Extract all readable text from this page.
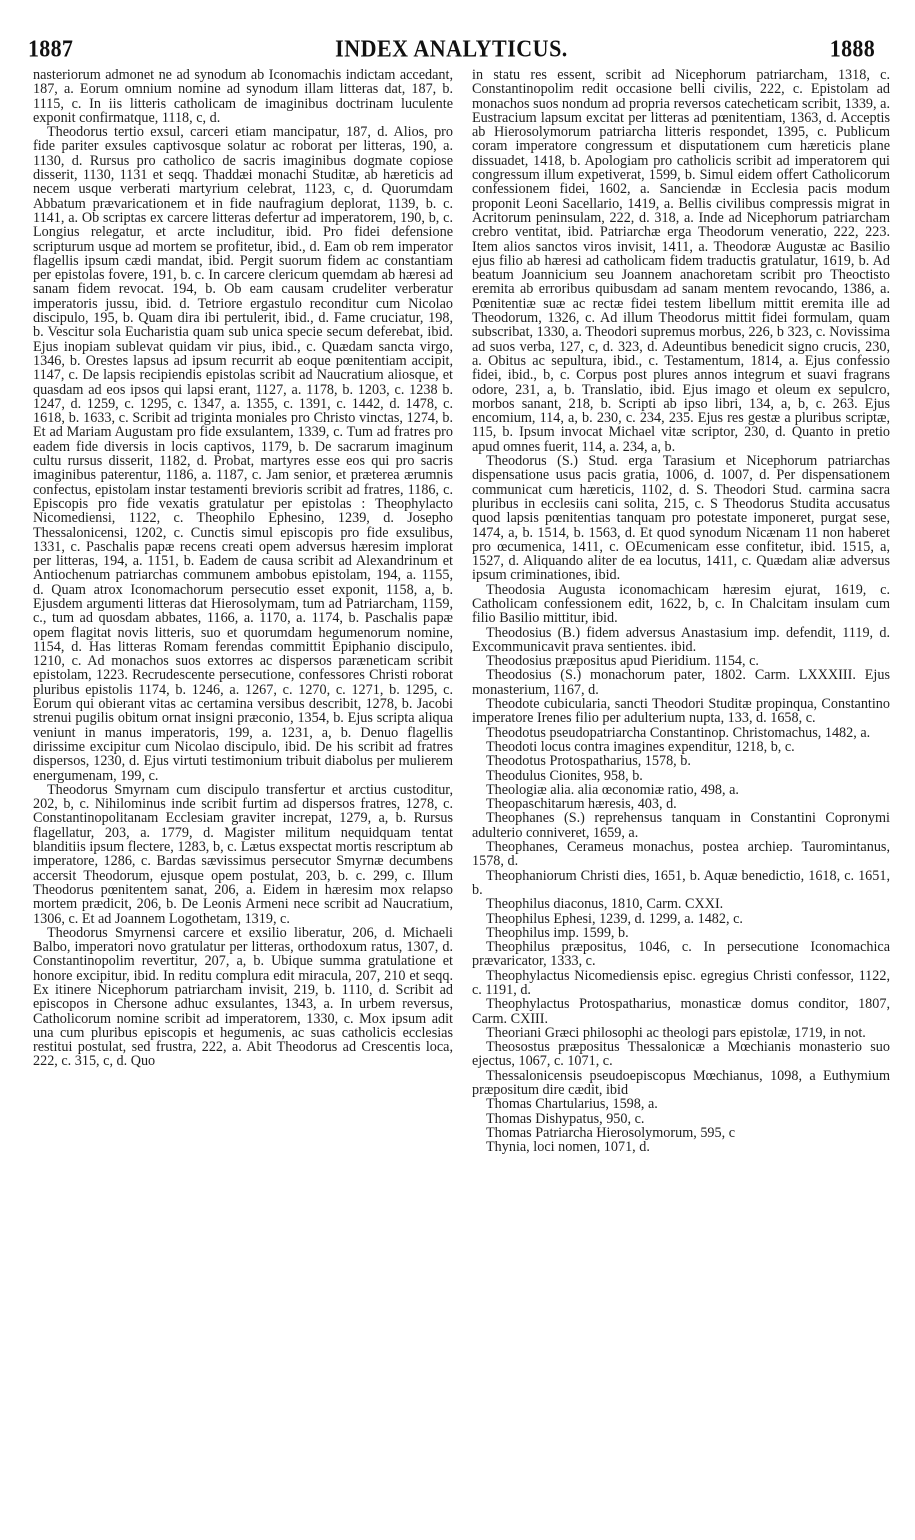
INDEX ANALYTICUS.
1887	1888

nasteriorum admonet ne ad synodum ab Iconomachis indictam accedant, 187, a. Eorum omnium nomine ad synodum illam litteras dat, 187, b. 1115, c. In iis litteris catholicam de imaginibus doctrinam luculente exponit confirmatque, 1118, c, d.

Theodorus tertio exsul, carceri etiam mancipatur, 187, d. Alios, pro fide pariter exsules captivosque solatur ac roborat per litteras, 190, a. 1130, d. Rursus pro catholico de sacris imaginibus dogmate copiose disserit, 1130, 1131 et seqq. Thaddæi monachi Studitæ, ab hæreticis ad necem usque verberati martyrium celebrat, 1123, c, d. Quorumdam Abbatum prævaricationem et in fide naufragium deplorat, 1139, b. c. 1141, a. Ob scriptas ex carcere litteras defertur ad imperatorem, 190, b, c. Longius relegatur, et arcte includitur, ibid. Pro fidei defensione scripturum usque ad mortem se profitetur, ibid., d. Eam ob rem imperator flagellis ipsum cædi mandat, ibid. Pergit suorum fidem ac constantiam per epistolas fovere, 191, b. c. In carcere clericum quemdam ab hæresi ad sanam fidem revocat. 194, b. Ob eam causam crudeliter verberatur imperatoris jussu, ibid. d. Tetriore ergastulo reconditur cum Nicolao discipulo, 195, b. Quam dira ibi pertulerit, ibid., d. Fame cruciatur, 198, b. Vescitur sola Eucharistia quam sub unica specie secum deferebat, ibid. Ejus inopiam sublevat quidam vir pius, ibid., c. Quædam sancta virgo, 1346, b. Orestes lapsus ad ipsum recurrit ab eoque pœnitentiam accipit, 1147, c. De lapsis recipiendis epistolas scribit ad Naucratium aliosque, et quasdam ad eos ipsos qui lapsi erant, 1127, a. 1178, b. 1203, c. 1238 b. 1247, d. 1259, c. 1295, c. 1347, a. 1355, c. 1391, c. 1442, d. 1478, c. 1618, b. 1633, c. Scribit ad triginta moniales pro Christo vinctas, 1274, b. Et ad Mariam Augustam pro fide exsulantem, 1339, c. Tum ad fratres pro eadem fide diversis in locis captivos, 1179, b. De sacrarum imaginum cultu rursus disserit, 1182, d. Probat, martyres esse eos qui pro sacris imaginibus paterentur, 1186, a. 1187, c. Jam senior, et præterea ærumnis confectus, epistolam instar testamenti brevioris scribit ad fratres, 1186, c. Episcopis pro fide vexatis gratulatur per epistolas : Theophylacto Nicomediensi, 1122, c. Theophilo Ephesino, 1239, d. Josepho Thessalonicensi, 1202, c. Cunctis simul episcopis pro fide exsulibus, 1331, c. Paschalis papæ recens creati opem adversus hæresim implorat per litteras, 194, a. 1151, b. Eadem de causa scribit ad Alexandrinum et Antiochenum patriarchas communem ambobus epistolam, 194, a. 1155, d. Quam atrox Iconomachorum persecutio esset exponit, 1158, a, b. Ejusdem argumenti litteras dat Hierosolymam, tum ad Patriarcham, 1159, c., tum ad quosdam abbates, 1166, a. 1170, a. 1174, b. Paschalis papæ opem flagitat novis litteris, suo et quorumdam hegumenorum nomine, 1154, d. Has litteras Romam ferendas committit Epiphanio discipulo, 1210, c. Ad monachos suos extorres ac dispersos paræneticam scribit epistolam, 1223. Recrudescente persecutione, confessores Christi roborat pluribus epistolis 1174, b. 1246, a. 1267, c. 1270, c. 1271, b. 1295, c. Eorum qui obierant vitas ac certamina versibus describit, 1278, b. Jacobi strenui pugilis obitum ornat insigni præconio, 1354, b. Ejus scripta aliqua veniunt in manus imperatoris, 199, a. 1231, a, b. Denuo flagellis dirissime excipitur cum Nicolao discipulo, ibid. De his scribit ad fratres dispersos, 1230, d. Ejus virtuti testimonium tribuit diabolus per mulierem energumenam, 199, c.

Theodorus Smyrnam cum discipulo transfertur et arctius custoditur, 202, b, c. Nihilominus inde scribit furtim ad dispersos fratres, 1278, c. Constantinopolitanam Ecclesiam graviter increpat, 1279, a, b. Rursus flagellatur, 203, a. 1779, d. Magister militum nequidquam tentat blanditiis ipsum flectere, 1283, b, c. Lætus exspectat mortis rescriptum ab imperatore, 1286, c. Bardas sævissimus persecutor Smyrnæ decumbens accersit Theodorum, ejusque opem postulat, 203, b. c. 299, c. Illum Theodorus pœnitentem sanat, 206, a. Eidem in hæresim mox relapso mortem prædicit, 206, b. De Leonis Armeni nece scribit ad Naucratium, 1306, c. Et ad Joannem Logothetam, 1319, c.

Theodorus Smyrnensi carcere et exsilio liberatur, 206, d. Michaeli Balbo, imperatori novo gratulatur per litteras, orthodoxum ratus, 1307, d. Constantinopolim revertitur, 207, a, b. Ubique summa gratulatione et honore excipitur, ibid. In reditu complura edit miracula, 207, 210 et seqq. Ex itinere Nicephorum patriarcham invisit, 219, b. 1110, d. Scribit ad episcopos in Chersone adhuc exsulantes, 1343, a. In urbem reversus, Catholicorum nomine scribit ad imperatorem, 1330, c. Mox ipsum adit una cum pluribus episcopis et hegumenis, ac suas catholicis ecclesias restitui postulat, sed frustra, 222, a. Abit Theodorus ad Crescentis loca, 222, c. 315, c, d. Quo

in statu res essent, scribit ad Nicephorum patriarcham, 1318, c. Constantinopolim redit occasione belli civilis, 222, c. Epistolam ad monachos suos nondum ad propria reversos catecheticam scribit, 1339, a. Eustracium lapsum excitat per litteras ad pœnitentiam, 1363, d. Acceptis ab Hierosolymorum patriarcha litteris respondet, 1395, c. Publicum coram imperatore congressum et disputationem cum hæreticis plane dissuadet, 1418, b. Apologiam pro catholicis scribit ad imperatorem qui congressum illum expetiverat, 1599, b. Simul eidem offert Catholicorum confessionem fidei, 1602, a. Sanciendæ in Ecclesia pacis modum proponit Leoni Sacellario, 1419, a. Bellis civilibus compressis migrat in Acritorum peninsulam, 222, d. 318, a. Inde ad Nicephorum patriarcham crebro ventitat, ibid. Patriarchæ erga Theodorum veneratio, 222, 223. Item alios sanctos viros invisit, 1411, a. Theodoræ Augustæ ac Basilio ejus filio ab hæresi ad catholicam fidem traductis gratulatur, 1619, b. Ad beatum Joannicium seu Joannem anachoretam scribit pro Theoctisto eremita ab erroribus quibusdam ad sanam mentem revocando, 1386, a. Pœnitentiæ suæ ac rectæ fidei testem libellum mittit eremita ille ad Theodorum, 1326, c. Ad illum Theodorus mittit fidei formulam, quam subscribat, 1330, a. Theodori supremus morbus, 226, b 323, c. Novissima ad suos verba, 127, c, d. 323, d. Adeuntibus benedicit signo crucis, 230, a. Obitus ac sepultura, ibid., c. Testamentum, 1814, a. Ejus confessio fidei, ibid., b, c. Corpus post plures annos integrum et suavi fragrans odore, 231, a, b. Translatio, ibid. Ejus imago et oleum ex sepulcro, morbos sanant, 218, b. Scripti ab ipso libri, 134, a, b, c. 263. Ejus encomium, 114, a, b. 230, c. 234, 235. Ejus res gestæ a pluribus scriptæ, 115, b. Ipsum invocat Michael vitæ scriptor, 230, d. Quanto in pretio apud omnes fuerit, 114, a. 234, a, b.

Theodorus (S.) Stud. erga Tarasium et Nicephorum patriarchas dispensatione usus pacis gratia, 1006, d. 1007, d. Per dispensationem communicat cum hæreticis, 1102, d. S. Theodori Stud. carmina sacra pluribus in ecclesiis cani solita, 215, c. S Theodorus Studita accusatus quod lapsis pœnitentias tanquam pro potestate imponeret, purgat sese, 1474, a, b. 1514, b. 1563, d. Et quod synodum Nicænam 11 non haberet pro œcumenica, 1411, c. OEcumenicam esse confitetur, ibid. 1515, a, 1527, d. Aliquando aliter de ea locutus, 1411, c. Quædam aliæ adversus ipsum criminationes, ibid.

Theodosia Augusta iconomachicam hæresim ejurat, 1619, c. Catholicam confessionem edit, 1622, b, c. In Chalcitam insulam cum filio Basilio mittitur, ibid.

Theodosius (B.) fidem adversus Anastasium imp. defendit, 1119, d. Excommunicavit prava sentientes. ibid.

Theodosius præpositus apud Pieridium. 1154, c.

Theodosius (S.) monachorum pater, 1802. Carm. LXXXIII. Ejus monasterium, 1167, d.

Theodote cubicularia, sancti Theodori Studitæ propinqua, Constantino imperatore Irenes filio per adulterium nupta, 133, d. 1658, c.

Theodotus pseudopatriarcha Constantinop. Christomachus, 1482, a.

Theodoti locus contra imagines expenditur, 1218, b, c.

Theodotus Protospatharius, 1578, b.

Theodulus Cionites, 958, b.

Theologiæ alia. alia œconomiæ ratio, 498, a.

Theopaschitarum hæresis, 403, d.

Theophanes (S.) reprehensus tanquam in Constantini Copronymi adulterio conniveret, 1659, a.

Theophanes, Cerameus monachus, postea archiep. Tauromintanus, 1578, d.

Theophaniorum Christi dies, 1651, b. Aquæ benedictio, 1618, c. 1651, b.

Theophilus diaconus, 1810, Carm. CXXI.

Theophilus Ephesi, 1239, d. 1299, a. 1482, c.

Theophilus imp. 1599, b.

Theophilus præpositus, 1046, c. In persecutione Iconomachica prævaricator, 1333, c.

Theophylactus Nicomediensis episc. egregius Christi confessor, 1122, c. 1191, d.

Theophylactus Protospatharius, monasticæ domus conditor, 1807, Carm. CXIII.

Theoriani Græci philosophi ac theologi pars epistolæ, 1719, in not.

Theosostus præpositus Thessalonicæ a Mœchianis monasterio suo ejectus, 1067, c. 1071, c.

Thessalonicensis pseudoepiscopus Mœchianus, 1098, a Euthymium præpositum dire cædit, ibid

Thomas Chartularius, 1598, a.

Thomas Dishypatus, 950, c.

Thomas Patriarcha Hierosolymorum, 595, c

Thynia, loci nomen, 1071, d.
